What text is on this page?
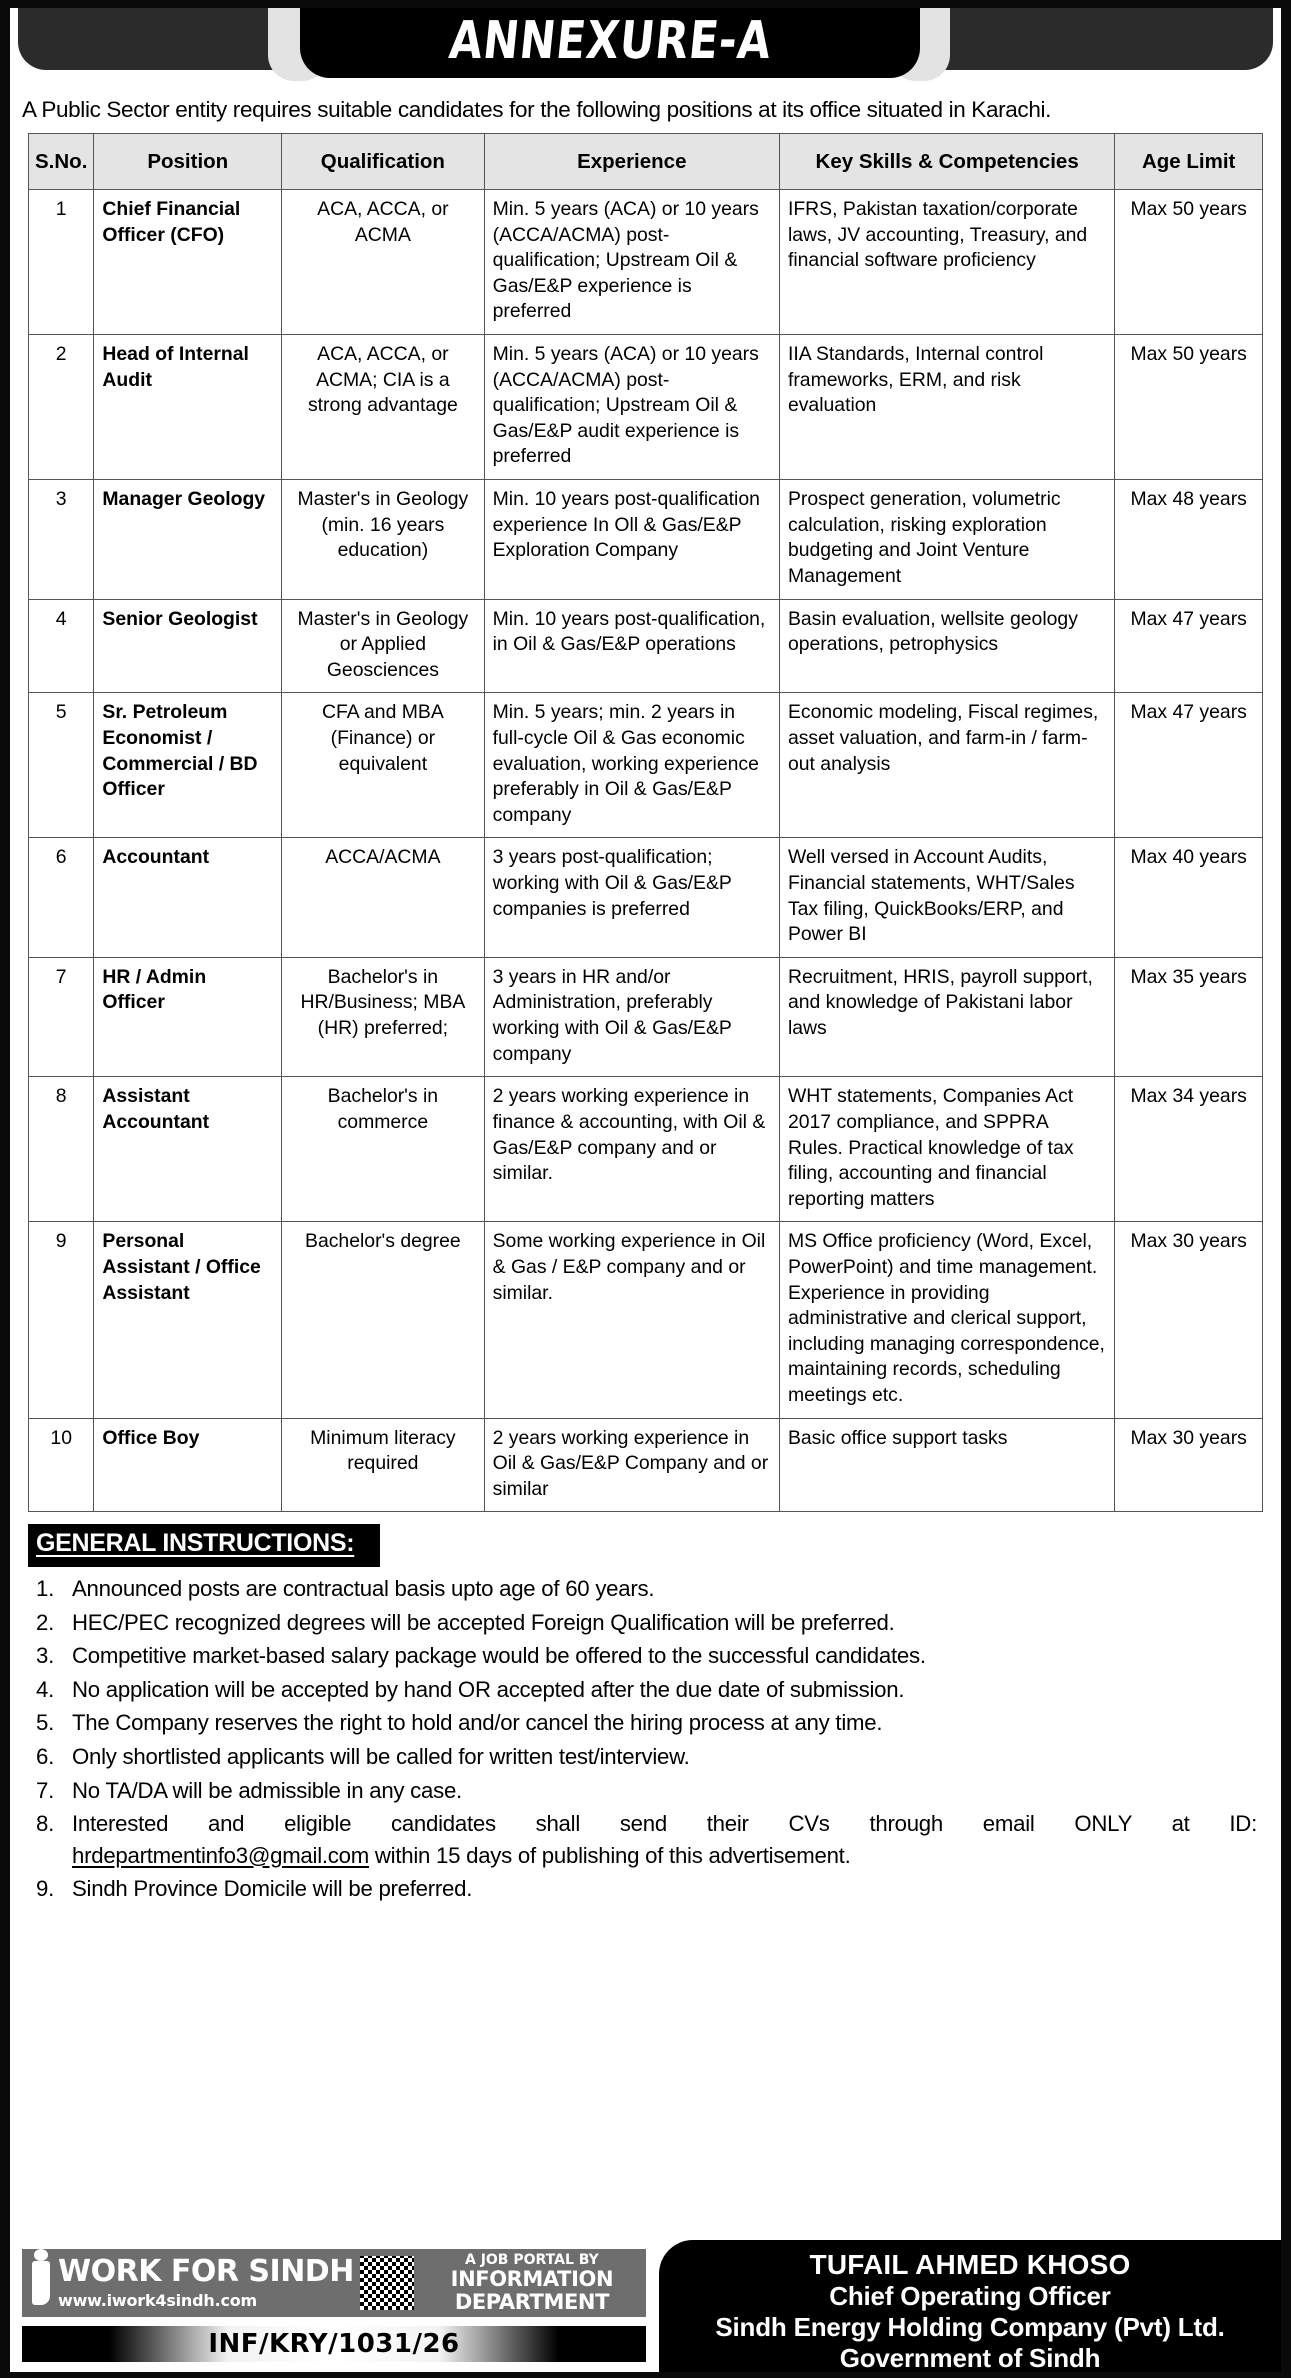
ANNEXURE-A
A Public Sector entity requires suitable candidates for the following positions at its office situated in Karachi.
S.No.	Position	Qualification	Experience	Key Skills & Competencies	Age Limit
1	Chief Financial Officer (CFO)	ACA, ACCA, or ACMA	Min. 5 years (ACA) or 10 years (ACCA/ACMA) post-qualification; Upstream Oil & Gas/E&P experience is preferred	IFRS, Pakistan taxation/corporate laws, JV accounting, Treasury, and financial software proficiency	Max 50 years
2	Head of Internal Audit	ACA, ACCA, or ACMA; CIA is a strong advantage	Min. 5 years (ACA) or 10 years (ACCA/ACMA) post-qualification; Upstream Oil & Gas/E&P audit experience is preferred	IIA Standards, Internal control frameworks, ERM, and risk evaluation	Max 50 years
3	Manager Geology	Master's in Geology (min. 16 years education)	Min. 10 years post-qualification experience In Oll & Gas/E&P Exploration Company	Prospect generation, volumetric calculation, risking exploration budgeting and Joint Venture Management	Max 48 years
4	Senior Geologist	Master's in Geology or Applied Geosciences	Min. 10 years post-qualification, in Oil & Gas/E&P operations	Basin evaluation, wellsite geology operations, petrophysics	Max 47 years
5	Sr. Petroleum Economist / Commercial / BD Officer	CFA and MBA (Finance) or equivalent	Min. 5 years; min. 2 years in full-cycle Oil & Gas economic evaluation, working experience preferably in Oil & Gas/E&P company	Economic modeling, Fiscal regimes, asset valuation, and farm-in / farm-out analysis	Max 47 years
6	Accountant	ACCA/ACMA	3 years post-qualification; working with Oil & Gas/E&P companies is preferred	Well versed in Account Audits, Financial statements, WHT/Sales Tax filing, QuickBooks/ERP, and Power BI	Max 40 years
7	HR / Admin Officer	Bachelor's in HR/Business; MBA (HR) preferred;	3 years in HR and/or Administration, preferably working with Oil & Gas/E&P company	Recruitment, HRIS, payroll support, and knowledge of Pakistani labor laws	Max 35 years
8	Assistant Accountant	Bachelor's in commerce	2 years working experience in finance & accounting, with Oil & Gas/E&P company and or similar.	WHT statements, Companies Act 2017 compliance, and SPPRA Rules. Practical knowledge of tax filing, accounting and financial reporting matters	Max 34 years
9	Personal Assistant / Office Assistant	Bachelor's degree	Some working experience in Oil & Gas / E&P company and or similar.	MS Office proficiency (Word, Excel, PowerPoint) and time management. Experience in providing administrative and clerical support, including managing correspondence, maintaining records, scheduling meetings etc.	Max 30 years
10	Office Boy	Minimum literacy required	2 years working experience in Oil & Gas/E&P Company and or similar	Basic office support tasks	Max 30 years
GENERAL INSTRUCTIONS:
1. Announced posts are contractual basis upto age of 60 years.
2. HEC/PEC recognized degrees will be accepted Foreign Qualification will be preferred.
3. Competitive market-based salary package would be offered to the successful candidates.
4. No application will be accepted by hand OR accepted after the due date of submission.
5. The Company reserves the right to hold and/or cancel the hiring process at any time.
6. Only shortlisted applicants will be called for written test/interview.
7. No TA/DA will be admissible in any case.
8. Interested and eligible candidates shall send their CVs through email ONLY at ID:
hrdepartmentinfo3@gmail.com within 15 days of publishing of this advertisement.
9. Sindh Province Domicile will be preferred.
WORK FOR SINDH
www.iwork4sindh.com
A JOB PORTAL BY
INFORMATION DEPARTMENT
INF/KRY/1031/26
TUFAIL AHMED KHOSO
Chief Operating Officer
Sindh Energy Holding Company (Pvt) Ltd.
Government of Sindh
